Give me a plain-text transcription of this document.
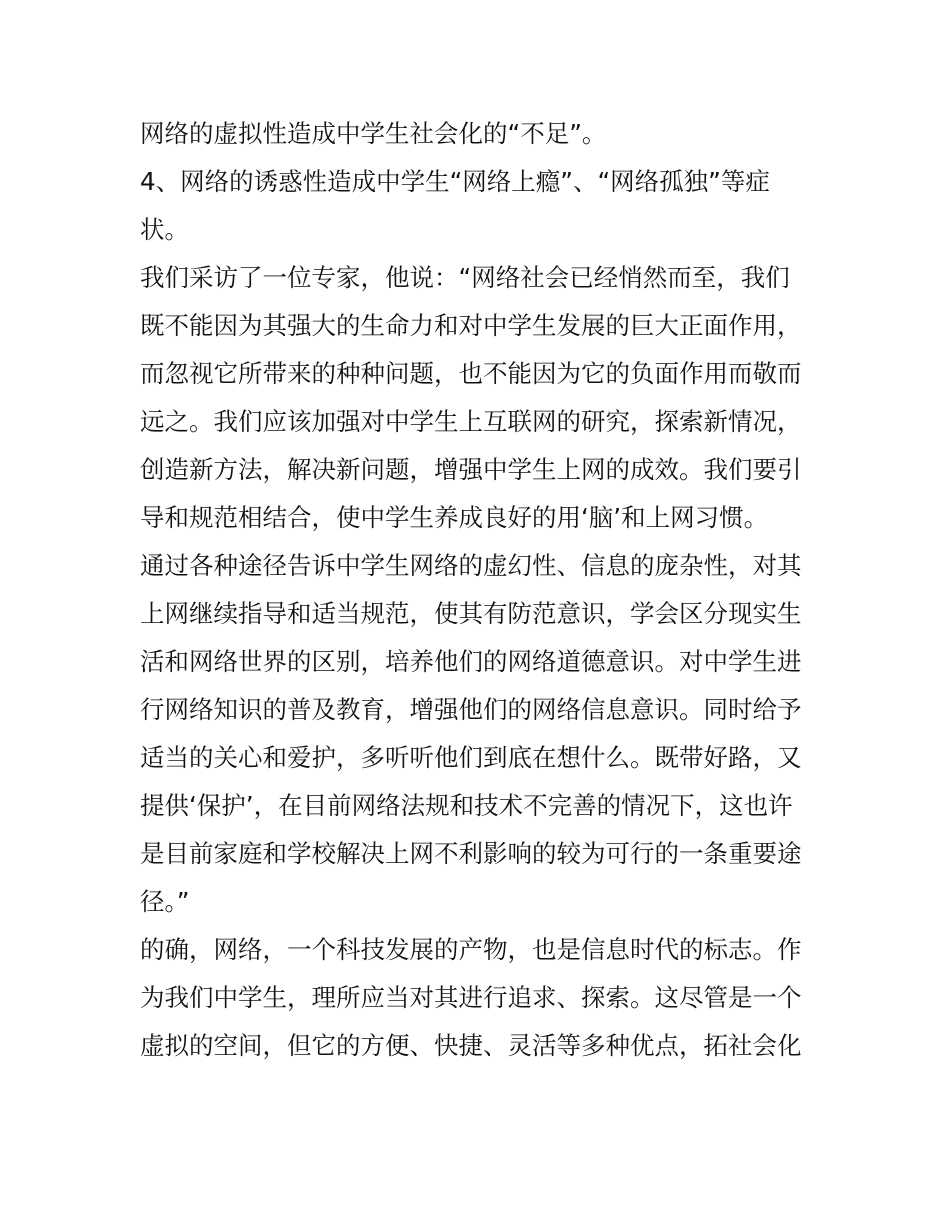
网络的虚拟性造成中学生社会化的“不足”。
4、网络的诱惑性造成中学生“网络上瘾”、“网络孤独”等症
状。
我们采访了一位专家，他说：“网络社会已经悄然而至，我们
既不能因为其强大的生命力和对中学生发展的巨大正面作用，
而忽视它所带来的种种问题，也不能因为它的负面作用而敬而
远之。我们应该加强对中学生上互联网的研究，探索新情况，
创造新方法，解决新问题，增强中学生上网的成效。我们要引
导和规范相结合，使中学生养成良好的用‘脑’和上网习惯。
通过各种途径告诉中学生网络的虚幻性、信息的庞杂性，对其
上网继续指导和适当规范，使其有防范意识，学会区分现实生
活和网络世界的区别，培养他们的网络道德意识。对中学生进
行网络知识的普及教育，增强他们的网络信息意识。同时给予
适当的关心和爱护，多听听他们到底在想什么。既带好路，又
提供‘保护’，在目前网络法规和技术不完善的情况下，这也许
是目前家庭和学校解决上网不利影响的较为可行的一条重要途
径。”
的确，网络，一个科技发展的产物，也是信息时代的标志。作
为我们中学生，理所应当对其进行追求、探索。这尽管是一个
虚拟的空间，但它的方便、快捷、灵活等多种优点，拓社会化
